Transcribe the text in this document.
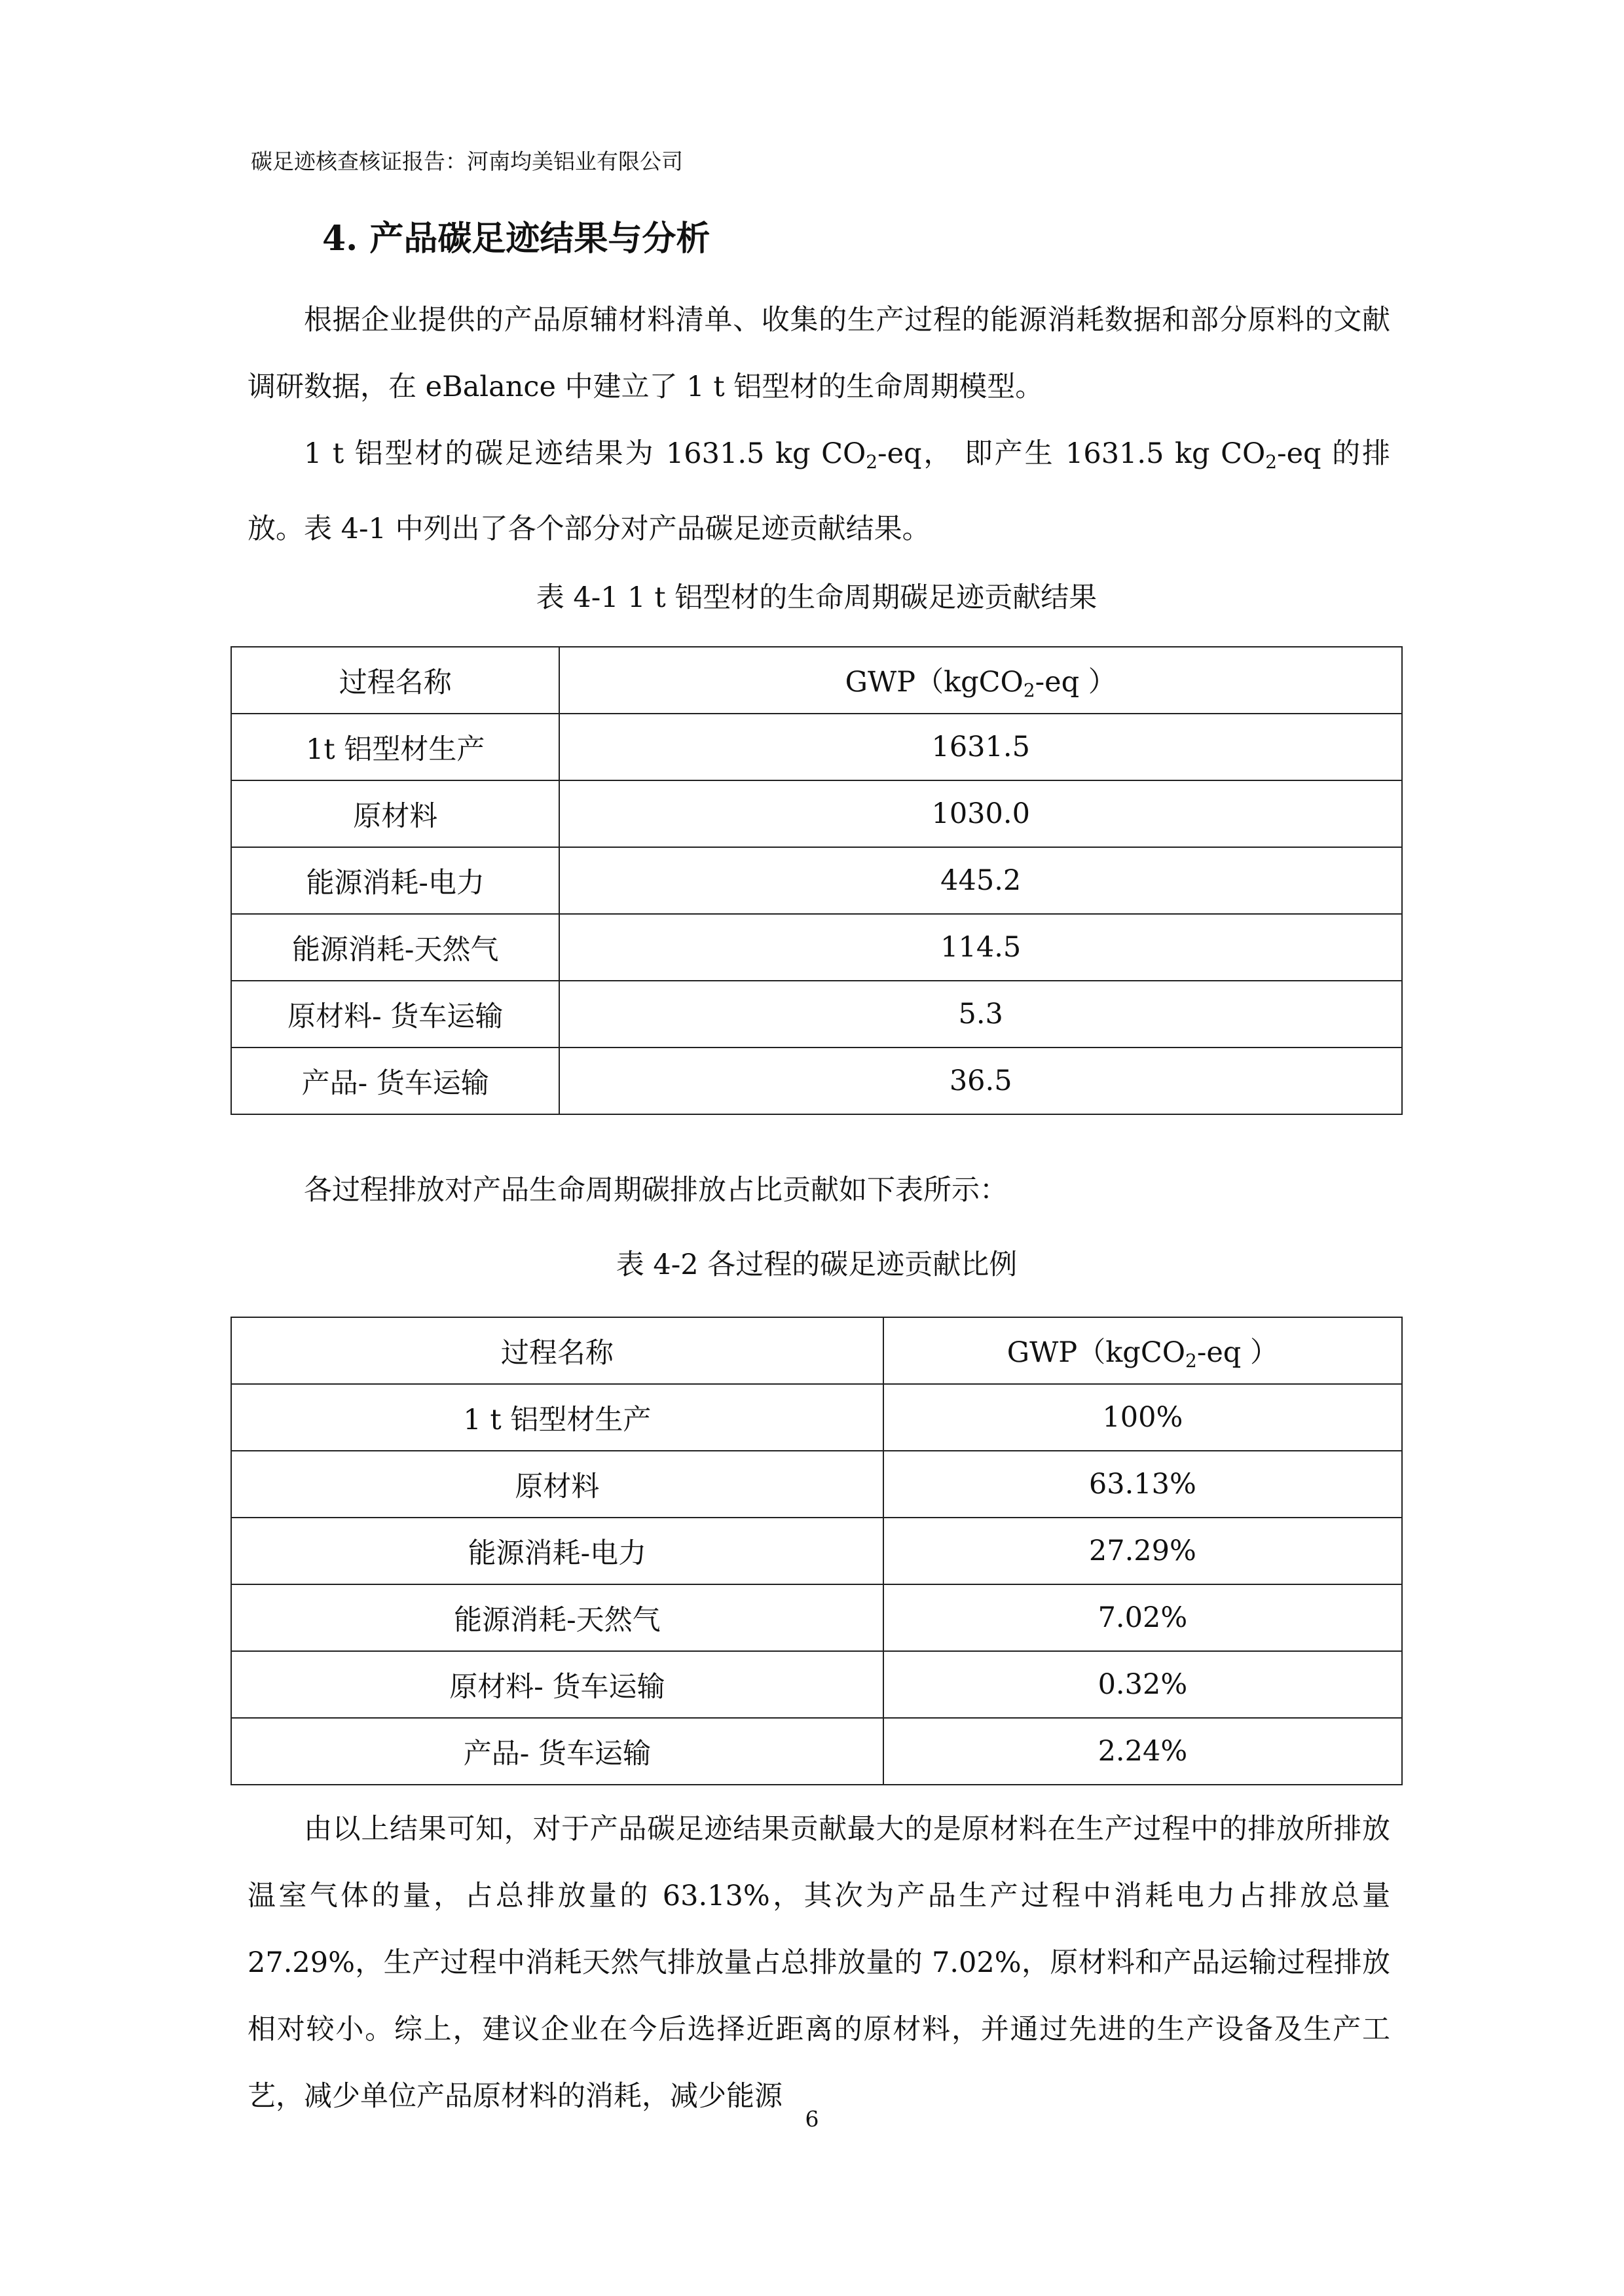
碳足迹核查核证报告：河南均美铝业有限公司
4. 产品碳足迹结果与分析

根据企业提供的产品原辅材料清单、收集的生产过程的能源消耗数据和部分原料的文献调研数据，在 eBalance 中建立了 1 t 铝型材的生命周期模型。

1 t 铝型材的碳足迹结果为 1631.5 kg $CO_2-eq$， 即产生 1631.5 kg $CO_2-eq$ 的排放。表 4-1 中列出了各个部分对产品碳足迹贡献结果。

表 4-1 1 t 铝型材的生命周期碳足迹贡献结果
过程名称	GWP（kgCO$_2$-eq ）
1t 铝型材生产	1631.5
原材料	1030.0
能源消耗-电力	445.2
能源消耗-天然气	114.5
原材料- 货车运输	5.3
产品- 货车运输	36.5

各过程排放对产品生命周期碳排放占比贡献如下表所示：

表 4-2 各过程的碳足迹贡献比例
过程名称	GWP（kgCO$_2$-eq ）
1 t 铝型材生产	100%
原材料	63.13%
能源消耗-电力	27.29%
能源消耗-天然气	7.02%
原材料- 货车运输	0.32%
产品- 货车运输	2.24%

由以上结果可知，对于产品碳足迹结果贡献最大的是原材料在生产过程中的排放所排放温室气体的量，占总排放量的 63.13%，其次为产品生产过程中消耗电力占排放总量 27.29%，生产过程中消耗天然气排放量占总排放量的 7.02%，原材料和产品运输过程排放相对较小。综上，建议企业在今后选择近距离的原材料，并通过先进的生产设备及生产工艺，减少单位产品原材料的消耗，减少能源

6
